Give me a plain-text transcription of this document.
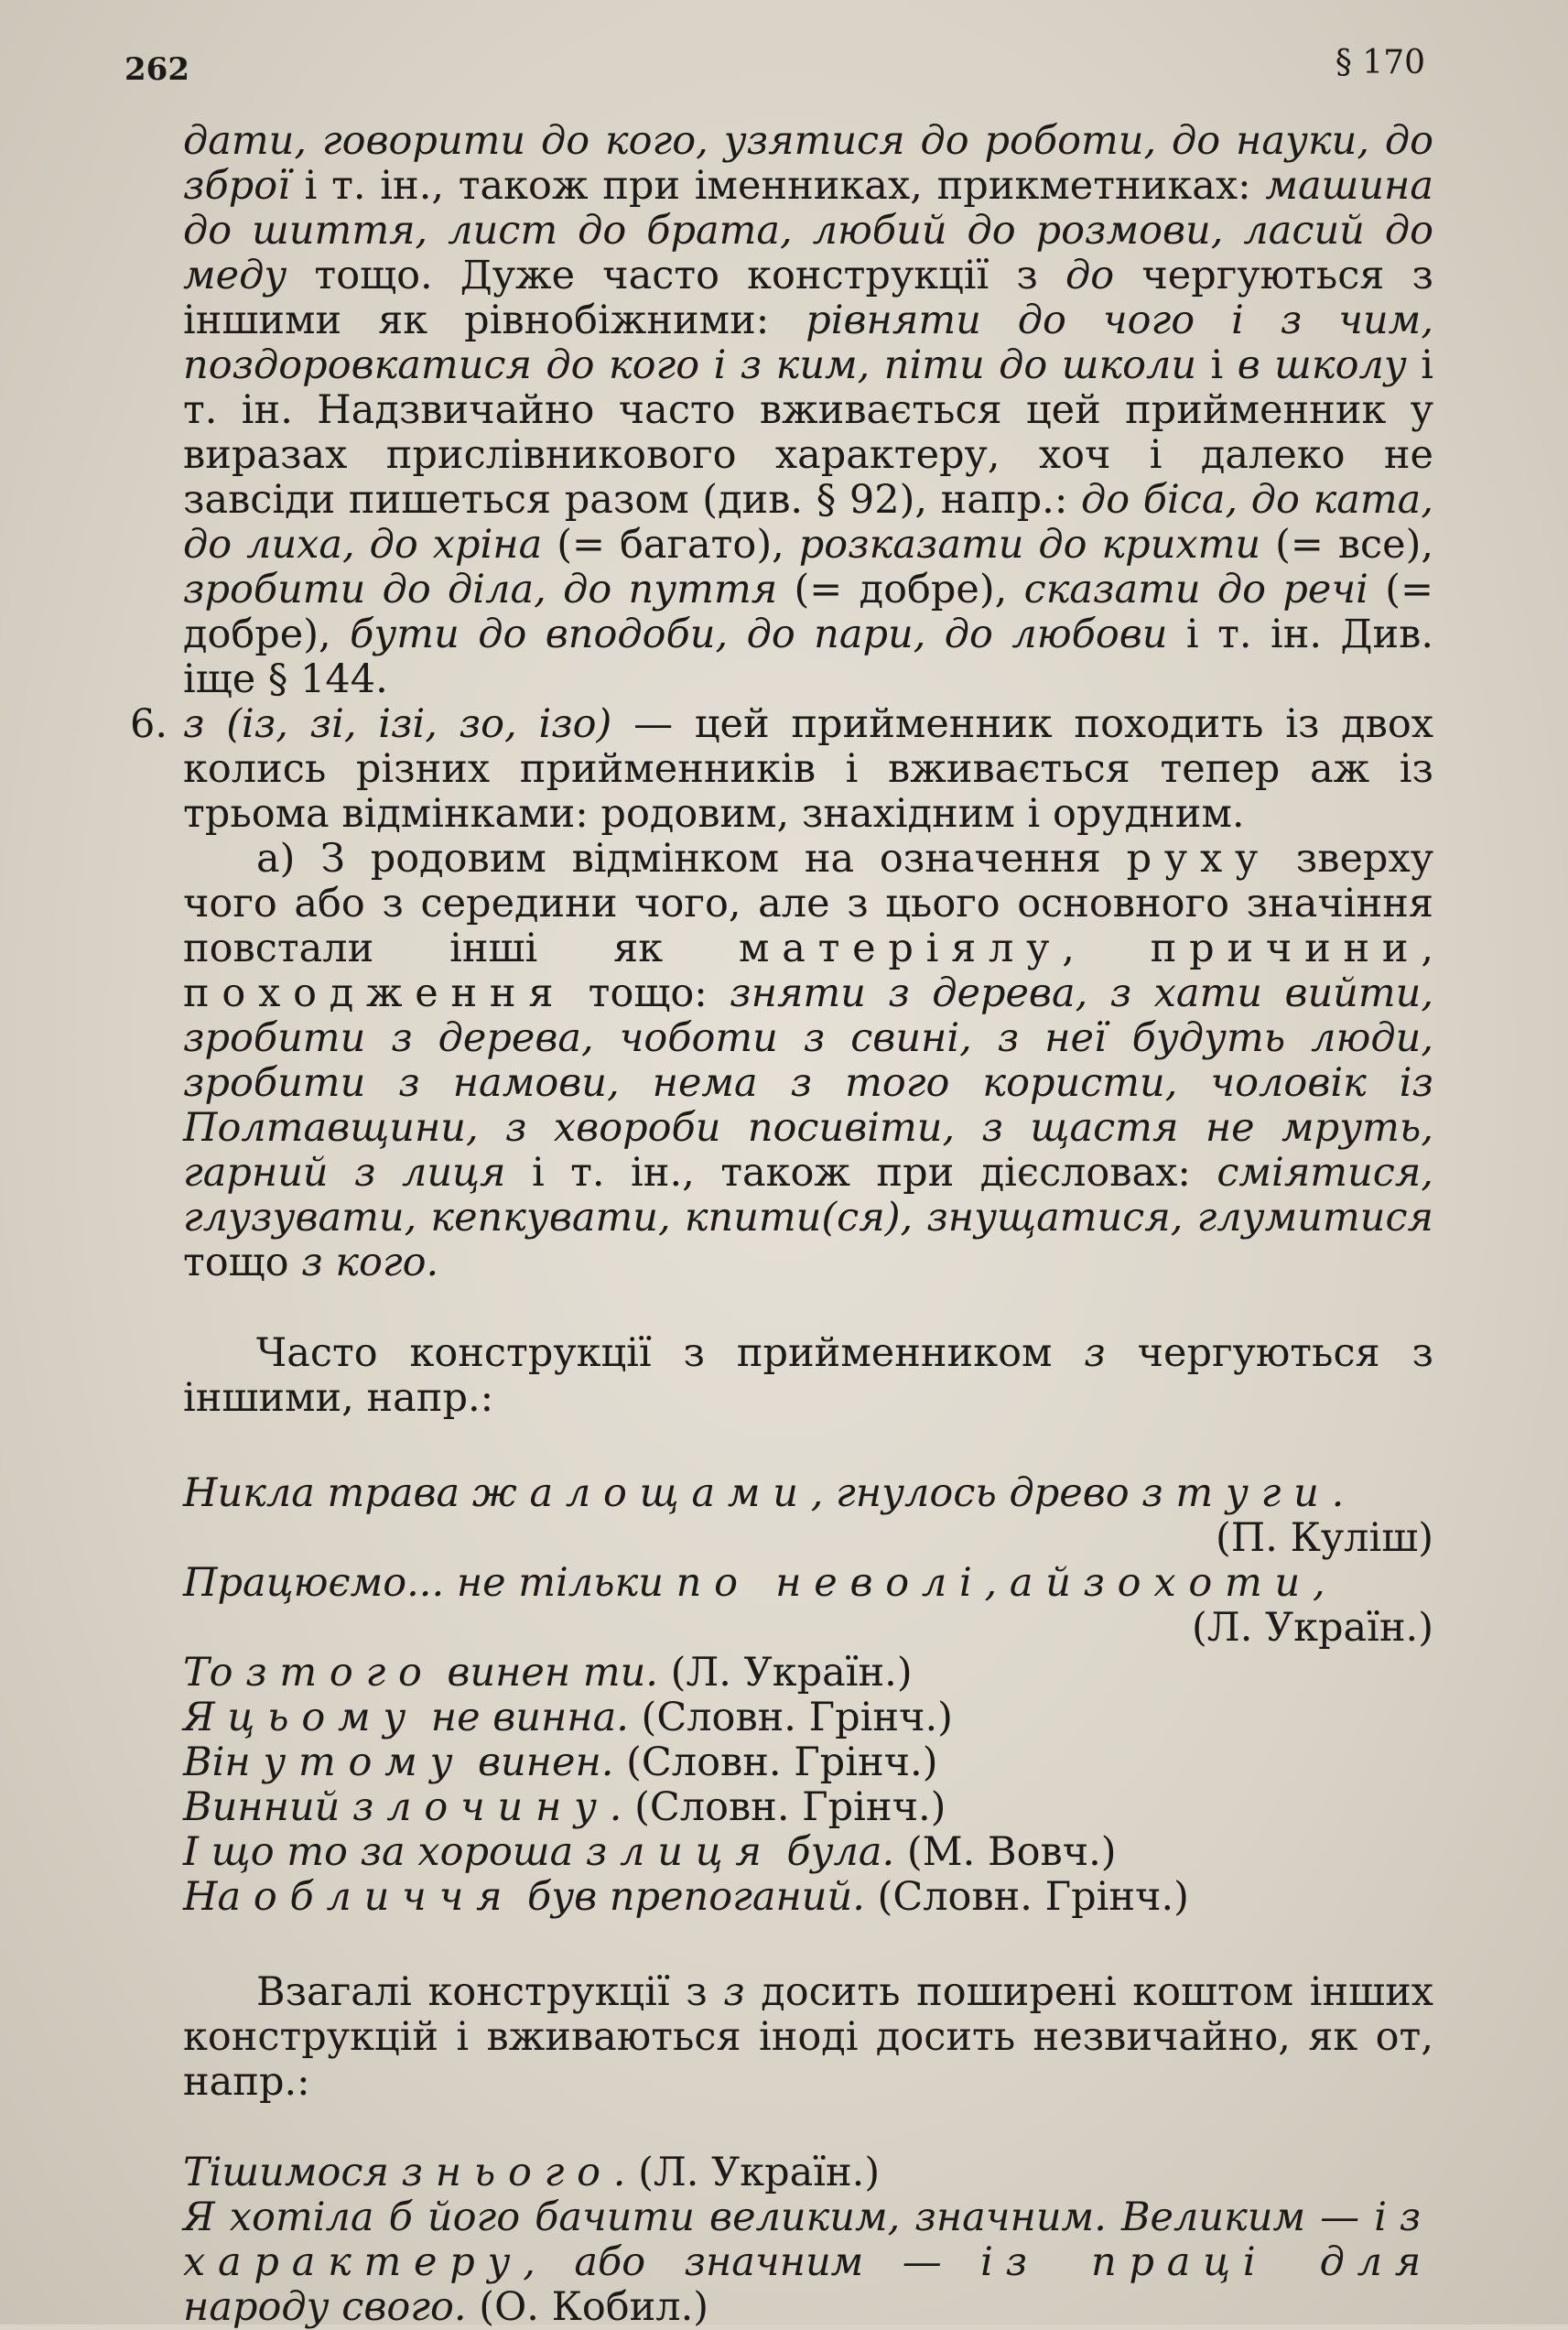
262	§ 170

дати, говорити до кого, узятися до роботи, до науки, до зброї і т. ін., також при іменниках, прикметниках: машина до шиття, лист до брата, любий до розмови, ласий до меду тощо. Дуже часто конструкції з до чергуються з іншими як рівнобіжними: рівняти до чого і з чим, поздоровкатися до кого і з ким, піти до школи і в школу і т. ін. Надзвичайно часто вживається цей прийменник у виразах прислівникового характеру, хоч і далеко не завсіди пишеться разом (див. § 92), напр.: до біса, до ката, до лиха, до хріна (= багато), розказати до крихти (= все), зробити до діла, до пуття (= добре), сказати до речі (= добре), бути до вподоби, до пари, до любови і т. ін. Див. іще § 144.

6. з (із, зі, ізі, зо, ізо) — цей прийменник походить із двох колись різних прийменників і вживається тепер аж із трьома відмінками: родовим, знахідним і орудним.

а) З родовим відмінком на означення руху зверху чого або з середини чого, але з цього основного значіння повстали інші як матеріялу, причини, походження тощо: зняти з дерева, з хати вийти, зробити з дерева, чоботи з свині, з неї будуть люди, зробити з намови, нема з того користи, чоловік із Полтавщини, з хвороби посивіти, з щастя не мруть, гарний з лиця і т. ін., також при дієсловах: сміятися, глузувати, кепкувати, кпити(ся), знущатися, глумитися тощо з кого.

Часто конструкції з прийменником з чергуються з іншими, напр.:

Никла трава жалощами, гнулось древо з туги.

(П. Куліш)

Працюємо... не тільки по неволі, а й з охоти,

(Л. Україн.)

То з того винен ти. (Л. Україн.)

Я цьому не винна. (Словн. Грінч.)

Він у тому винен. (Словн. Грінч.)

Винний злочину. (Словн. Грінч.)

І що то за хороша з лиця була. (М. Вовч.)

На обличчя був препоганий. (Словн. Грінч.)

Взагалі конструкції з з досить поширені коштом інших конструкцій і вживаються іноді досить незвичайно, як от, напр.:

Тішимося з нього. (Л. Україн.)

Я хотіла б його бачити великим, значним. Великим — із характеру, або значним — із праці для народу свого. (О. Кобил.)
